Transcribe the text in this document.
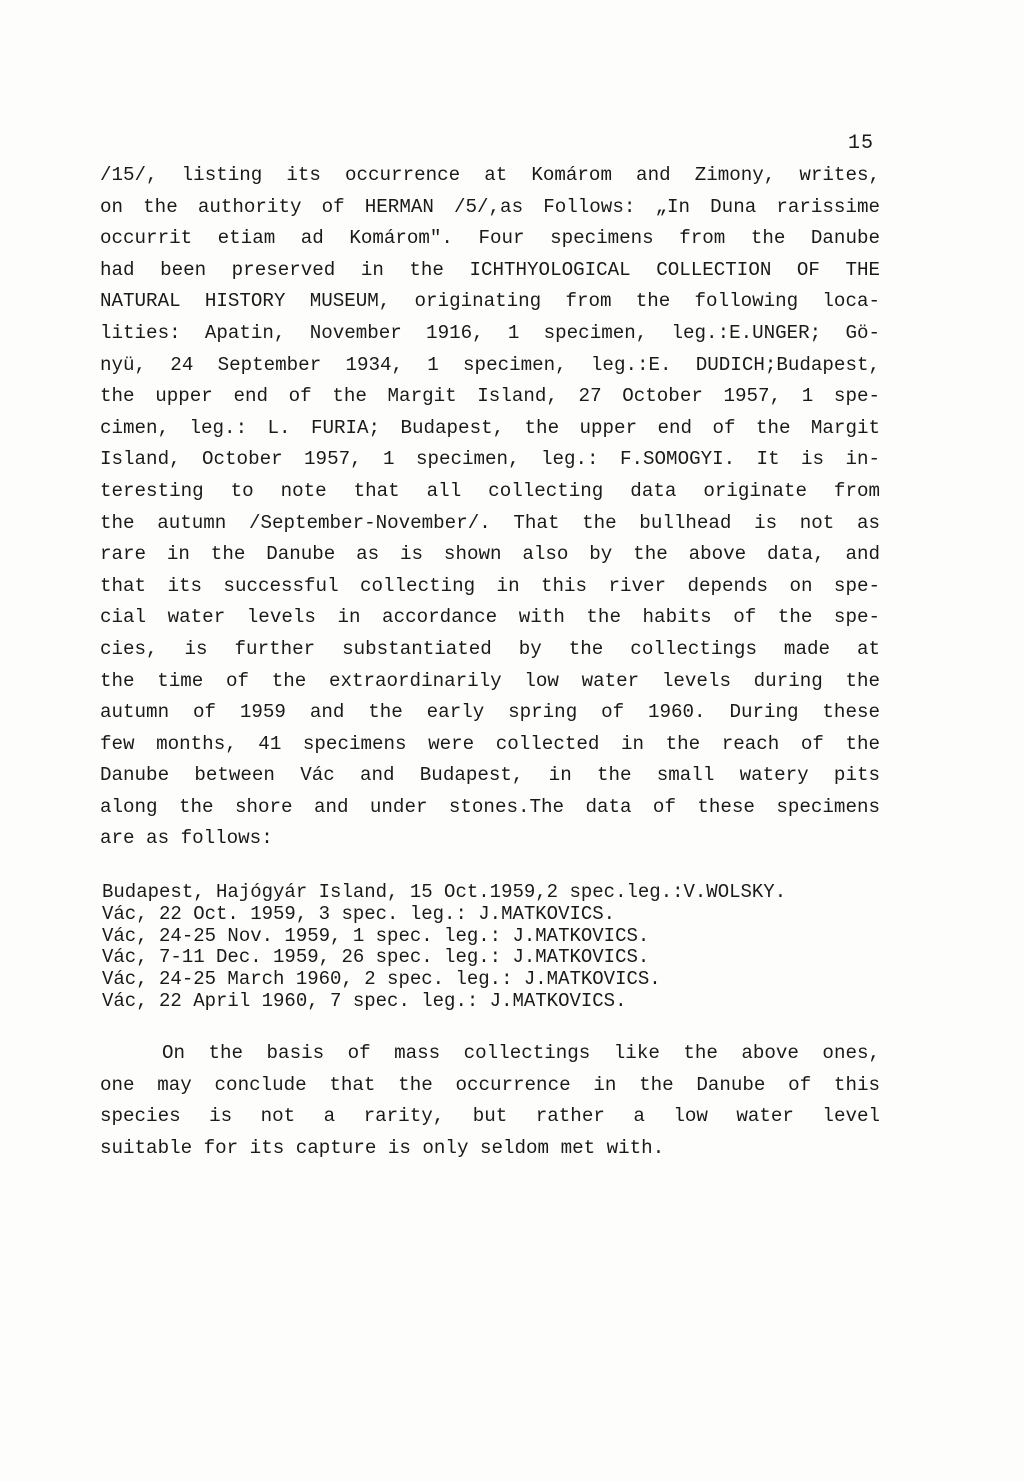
15
/15/, listing its occurrence at Komárom and Zimony, writes,
on the authority of HERMAN /5/,as Follows: „In Duna rarissime
occurrit etiam ad Komárom". Four specimens from the Danube
had been preserved in the ICHTHYOLOGICAL COLLECTION OF THE
NATURAL HISTORY MUSEUM, originating from the following loca-
lities: Apatin, November 1916, 1 specimen, leg.:E.UNGER; Gö-
nyü, 24 September 1934, 1 specimen, leg.:E. DUDICH;Budapest,
the upper end of the Margit Island, 27 October 1957, 1 spe-
cimen, leg.: L. FURIA; Budapest, the upper end of the Margit
Island, October 1957, 1 specimen, leg.: F.SOMOGYI. It is in-
teresting to note that all collecting data originate from
the autumn /September-November/. That the bullhead is not as
rare in the Danube as is shown also by the above data, and
that its successful collecting in this river depends on spe-
cial water levels in accordance with the habits of the spe-
cies, is further substantiated by the collectings made at
the time of the extraordinarily low water levels during the
autumn of 1959 and the early spring of 1960. During these
few months, 41 specimens were collected in the reach of the
Danube between Vác and Budapest, in the small watery pits
along the shore and under stones.The data of these specimens
are as follows:
Budapest, Hajógyár Island, 15 Oct.1959,2 spec.leg.:V.WOLSKY.
Vác, 22 Oct. 1959, 3 spec. leg.: J.MATKOVICS.
Vác, 24-25 Nov. 1959, 1 spec. leg.: J.MATKOVICS.
Vác, 7-11 Dec. 1959, 26 spec. leg.: J.MATKOVICS.
Vác, 24-25 March 1960, 2 spec. leg.: J.MATKOVICS.
Vác, 22 April 1960, 7 spec. leg.: J.MATKOVICS.
On the basis of mass collectings like the above ones,
one may conclude that the occurrence in the Danube of this
species is not a rarity, but rather a low water level
suitable for its capture is only seldom met with.
